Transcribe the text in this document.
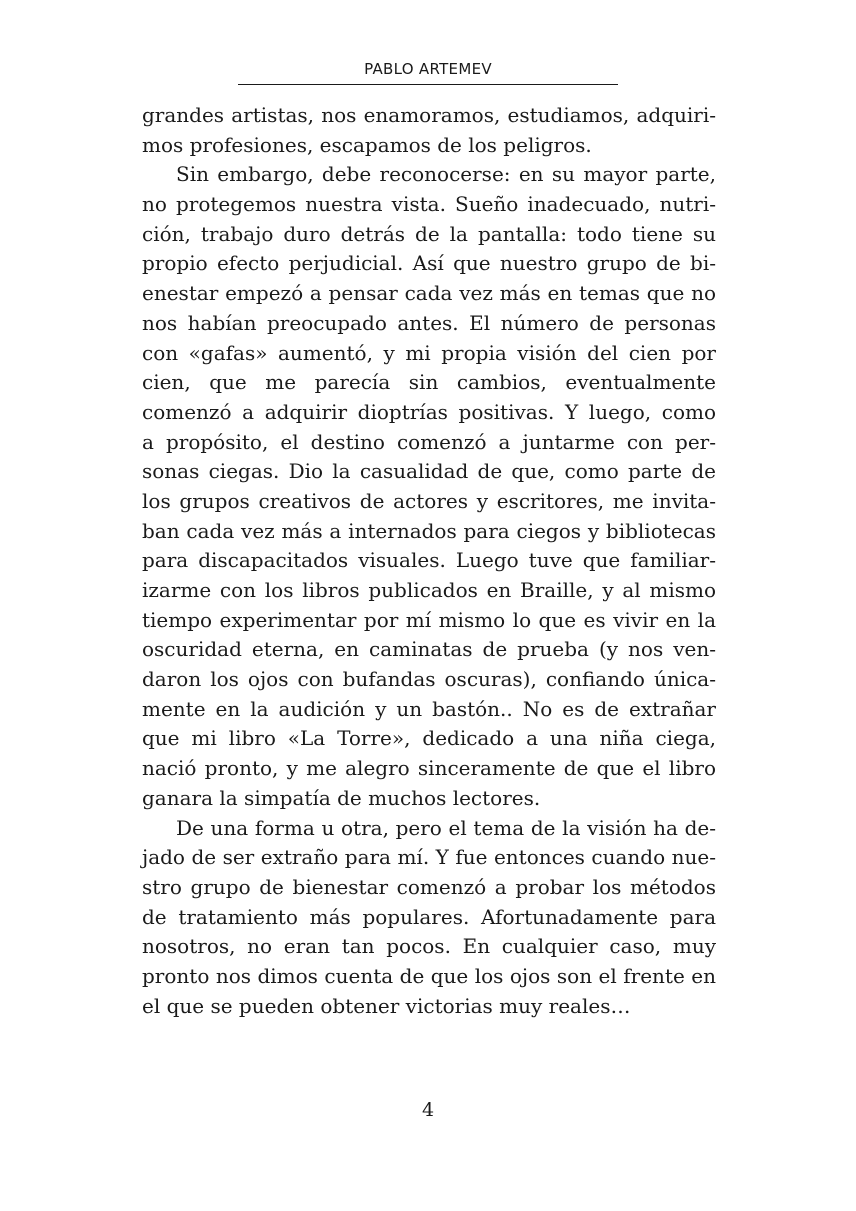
PABLO ARTEMEV
grandes artistas, nos enamoramos, estudiamos, adquiri-
mos profesiones, escapamos de los peligros.
Sin embargo, debe reconocerse: en su mayor parte,
no protegemos nuestra vista. Sueño inadecuado, nutri-
ción, trabajo duro detrás de la pantalla: todo tiene su
propio efecto perjudicial. Así que nuestro grupo de bi-
enestar empezó a pensar cada vez más en temas que no
nos habían preocupado antes. El número de personas
con «gafas» aumentó, y mi propia visión del cien por
cien, que me parecía sin cambios, eventualmente
comenzó a adquirir dioptrías positivas. Y luego, como
a propósito, el destino comenzó a juntarme con per-
sonas ciegas. Dio la casualidad de que, como parte de
los grupos creativos de actores y escritores, me invita-
ban cada vez más a internados para ciegos y bibliotecas
para discapacitados visuales. Luego tuve que familiar-
izarme con los libros publicados en Braille, y al mismo
tiempo experimentar por mí mismo lo que es vivir en la
oscuridad eterna, en caminatas de prueba (y nos ven-
daron los ojos con bufandas oscuras), confiando única-
mente en la audición y un bastón.. No es de extrañar
que mi libro «La Torre», dedicado a una niña ciega,
nació pronto, y me alegro sinceramente de que el libro
ganara la simpatía de muchos lectores.
De una forma u otra, pero el tema de la visión ha de-
jado de ser extraño para mí. Y fue entonces cuando nue-
stro grupo de bienestar comenzó a probar los métodos
de tratamiento más populares. Afortunadamente para
nosotros, no eran tan pocos. En cualquier caso, muy
pronto nos dimos cuenta de que los ojos son el frente en
el que se pueden obtener victorias muy reales…
4
